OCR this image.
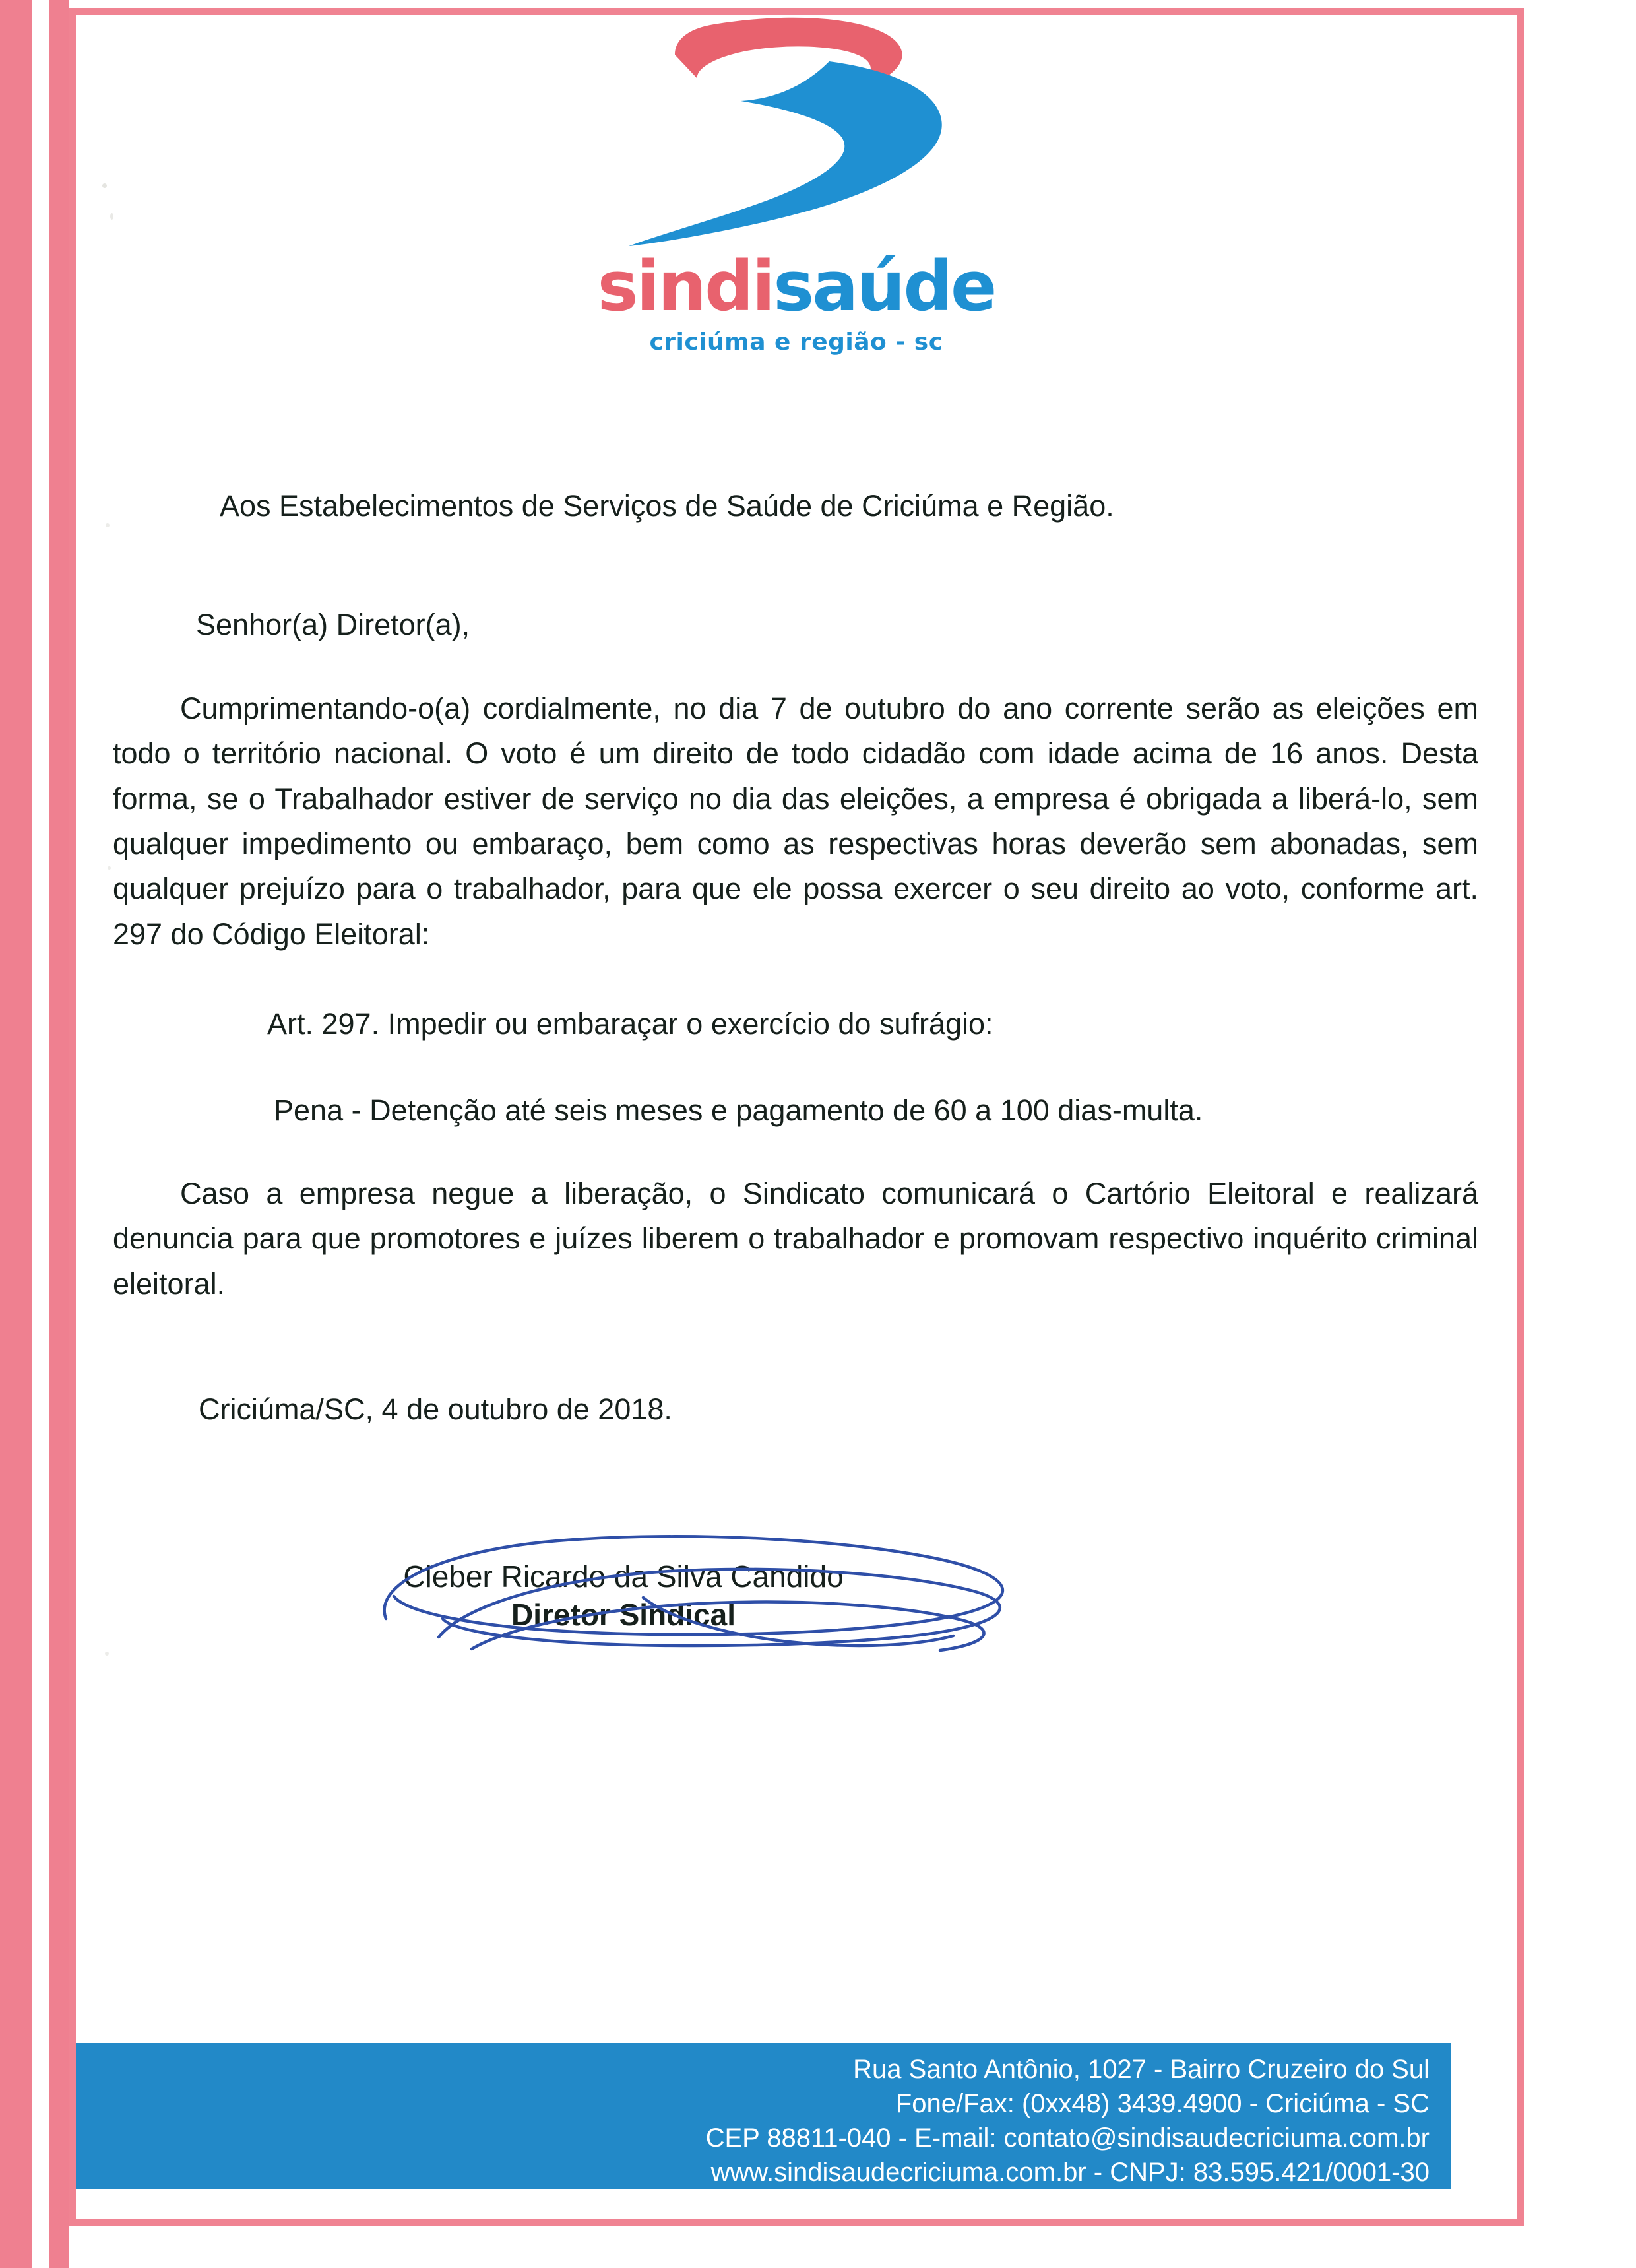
sindisaúde
criciúma e região - sc
Aos Estabelecimentos de Serviços de Saúde de Criciúma e Região.
Senhor(a) Diretor(a),
Cumprimentando-o(a) cordialmente, no dia 7 de outubro do ano corrente serão as eleições em todo o território nacional. O voto é um direito de todo cidadão com idade acima de 16 anos. Desta forma, se o Trabalhador estiver de serviço no dia das eleições, a empresa é obrigada a liberá-lo, sem qualquer impedimento ou embaraço, bem como as respectivas horas deverão sem abonadas, sem qualquer prejuízo para o trabalhador, para que ele possa exercer o seu direito ao voto, conforme art. 297 do Código Eleitoral:
Art. 297. Impedir ou embaraçar o exercício do sufrágio:
Pena - Detenção até seis meses e pagamento de 60 a 100 dias-multa.
Caso a empresa negue a liberação, o Sindicato comunicará o Cartório Eleitoral e realizará denuncia para que promotores e juízes liberem o trabalhador e promovam respectivo inquérito criminal eleitoral.
Criciúma/SC, 4 de outubro de 2018.
Cleber Ricardo da Silva Candido
Diretor Sindical
Rua Santo Antônio, 1027 - Bairro Cruzeiro do Sul
Fone/Fax: (0xx48) 3439.4900 - Criciúma - SC
CEP 88811-040 - E-mail: contato@sindisaudecriciuma.com.br
www.sindisaudecriciuma.com.br - CNPJ: 83.595.421/0001-30
